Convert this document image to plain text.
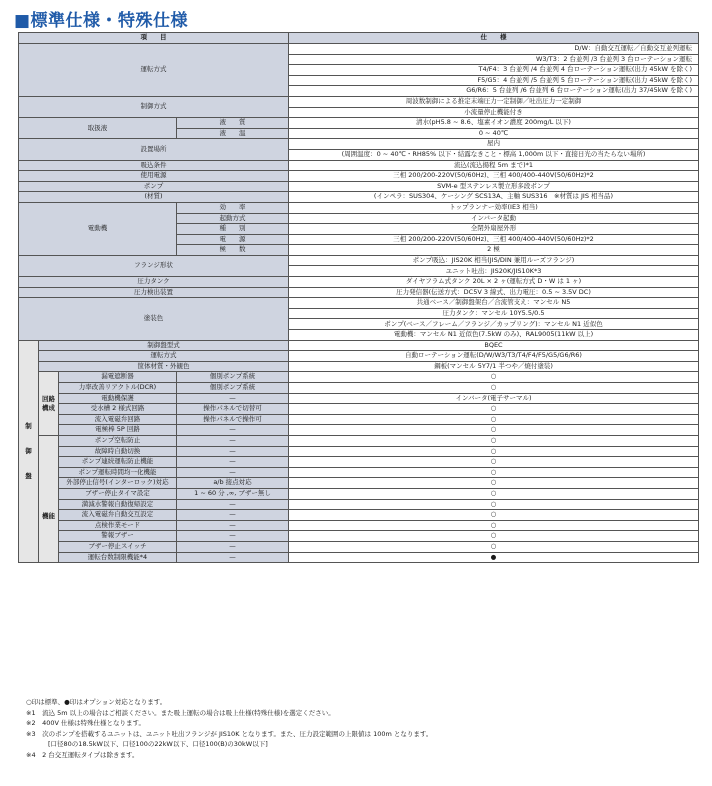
■標準仕様・特殊仕様
項　　目				仕　　様
運転方式				D/W：自動交互運転／自動交互並列運転
				W3/T3：2 台並列 /3 台並列 3 台ローテーション運転
				T4/F4：3 台並列 /4 台並列 4 台ローテーション運転(出力 45kW を除く)
				F5/G5：4 台並列 /5 台並列 5 台ローテーション運転(出力 45kW を除く)
				G6/R6：5 台並列 /6 台並列 6 台ローテーション運転(出力 37/45kW を除く)
制御方式				周波数制御による推定末端圧力一定制御／吐出圧力一定制御
				小流量停止機能付き
取扱液			液　　質	清水(pH5.8 ~ 8.6、塩素イオン濃度 200mg/L 以下)
			液　　温	0 ~ 40℃
設置場所				屋内
				(周囲温度：0 ~ 40℃・RH85% 以下・結露なきこと・標高 1,000m 以下・直接日光の当たらない場所)
吸込条件				流込(流込揚程 5m まで)*1
使用電源				三相 200/200-220V(50/60Hz)、三相 400/400-440V(50/60Hz)*2
ポンプ				SVM-e 型ステンレス製立形多段ポンプ
(材質)				(インペラ：SUS304、ケーシング SCS13A、主軸 SUS316　※材質は JIS 相当品)
電動機			効　　率	トップランナー効率(IE3 相当)
			起動方式	インバータ起動
			種　　別	全閉外扇屋外形
			電　　源	三相 200/200-220V(50/60Hz)、三相 400/400-440V(50/60Hz)*2
			極　　数	2 極
フランジ形状				ポンプ吸込：JIS20K 相当(JIS/DIN 兼用ルーズフランジ)
				ユニット吐出：JIS20K/JIS10K*3
圧力タンク				ダイヤフラム式タンク 20L × 2 ヶ(運転方式 D・W は 1 ヶ)
圧力検出装置				圧力発信器(伝送方式：DC5V 3 線式、出力電圧：0.5 ~ 3.5V DC)
塗装色				共通ベース／制御盤架台／合流管支え：マンセル N5
				圧力タンク：マンセル 10Y5.5/0.5
				ポンプ(ベース／フレーム／フランジ／カップリング)：マンセル N1 近似色
				電動機：マンセル N1 近似色(7.5kW のみ)、RAL9005(11kW 以上)
制

御

盤	制御盤型式			BQEC
	運転方式			自動ローテーション運転(D/W/W3/T3/T4/F4/F5/G5/G6/R6)
	筐体材質・外観色			鋼板(マンセル 5Y7/1 半つや／焼付塗装)
	回路構成	漏電遮断器	個別ポンプ系統	○
		力率改善リアクトル(DCR)	個別ポンプ系統	○
		電動機保護	—	インバータ(電子サーマル)
		受水槽 2 様式回路	操作パネルで切替可	○
		流入電磁弁回路	操作パネルで操作可	○
		電極棒 5P 回路	—	○

機能	ポンプ空転防止	—	○
		故障時自動切換	—	○
		ポンプ連続運転防止機能	—	○
		ポンプ運転時間均一化機能	—	○
		外部停止信号(インターロック)対応	a/b 接点対応	○
		ブザー停止タイマ設定	1 ~ 60 分 ,∞, ブザー無し	○
		満減水警報自動復帰設定	—	○
		流入電磁弁自動交互設定	—	○
		点検作業モード	—	○
		警報ブザー	—	○
		ブザー停止スイッチ	—	○
		運転台数制限機能*4	—	●
○印は標準、●印はオプション対応となります。
※1　流込 5m 以上の場合はご相談ください。また吸上運転の場合は吸上仕様(特殊仕様)を選定ください。
※2　400V 仕様は特殊仕様となります。
※3　次のポンプを搭載するユニットは、ユニット吐出フランジが JIS10K となります。また、圧力設定範囲の上限値は 100m となります。
[口径80の18.5kW以下、口径100の22kW以下、口径100(B)の30kW以下]
※4　2 台交互運転タイプは除きます。
